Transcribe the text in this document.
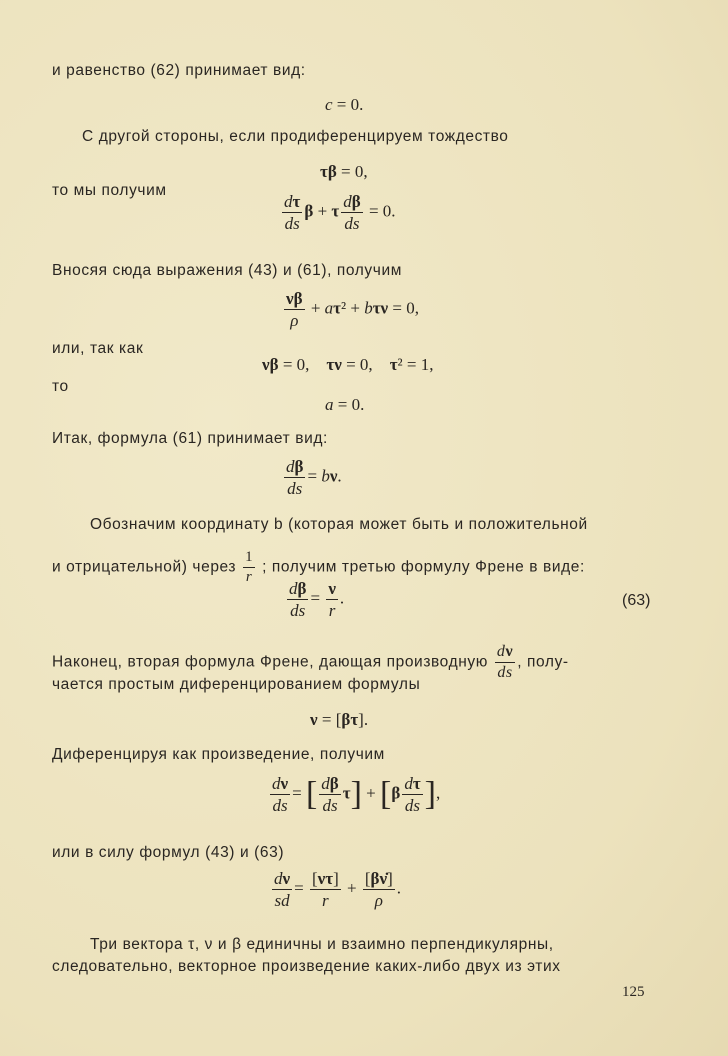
и равенство (62) принимает вид:
c = 0.
С другой стороны, если продиференцируем тождество
τβ = 0,
то мы получим
$\frac{d\tau}{ds}$ β + τ $\frac{d\beta}{ds} = 0$.
Вносяя сюда выражения (43) и (61), получим
$\frac{\nu\beta}{\rho} + a\tau^2 + b\tau\nu = 0$,
или, так как
νβ = 0,    τν = 0,    τ² = 1,
то
a = 0.
Итак, формула (61) принимает вид:
$\frac{d\beta}{ds} = b\nu$.
Обозначим координату b (которая может быть и положительной
и отрицательной) через $\frac{1}{r}$ ; получим третью формулу Френе в виде:
$\frac{d\beta}{ds} = \frac{\nu}{r}$ .	(63)
Наконец, вторая формула Френе, дающая производную $\frac{d\nu}{ds}$ , полу-
чается простым диференцированием формулы
ν = [βτ].
Диференцируя как произведение, получим
$\frac{d\nu}{ds}$ = [ $\frac{d\beta}{ds} \tau] + [\beta \frac{d\tau}{ds}$ ],
или в силу формул (43) и (63)
$\frac{d\nu}{sd} = \frac{[\nu\tau]}{r} + \frac{[\beta\nu̇]}{\rho}$ .
Три вектора τ, ν и β единичны и взаимно перпендикулярны,
следовательно, векторное произведение каких-либо двух из этих
125
